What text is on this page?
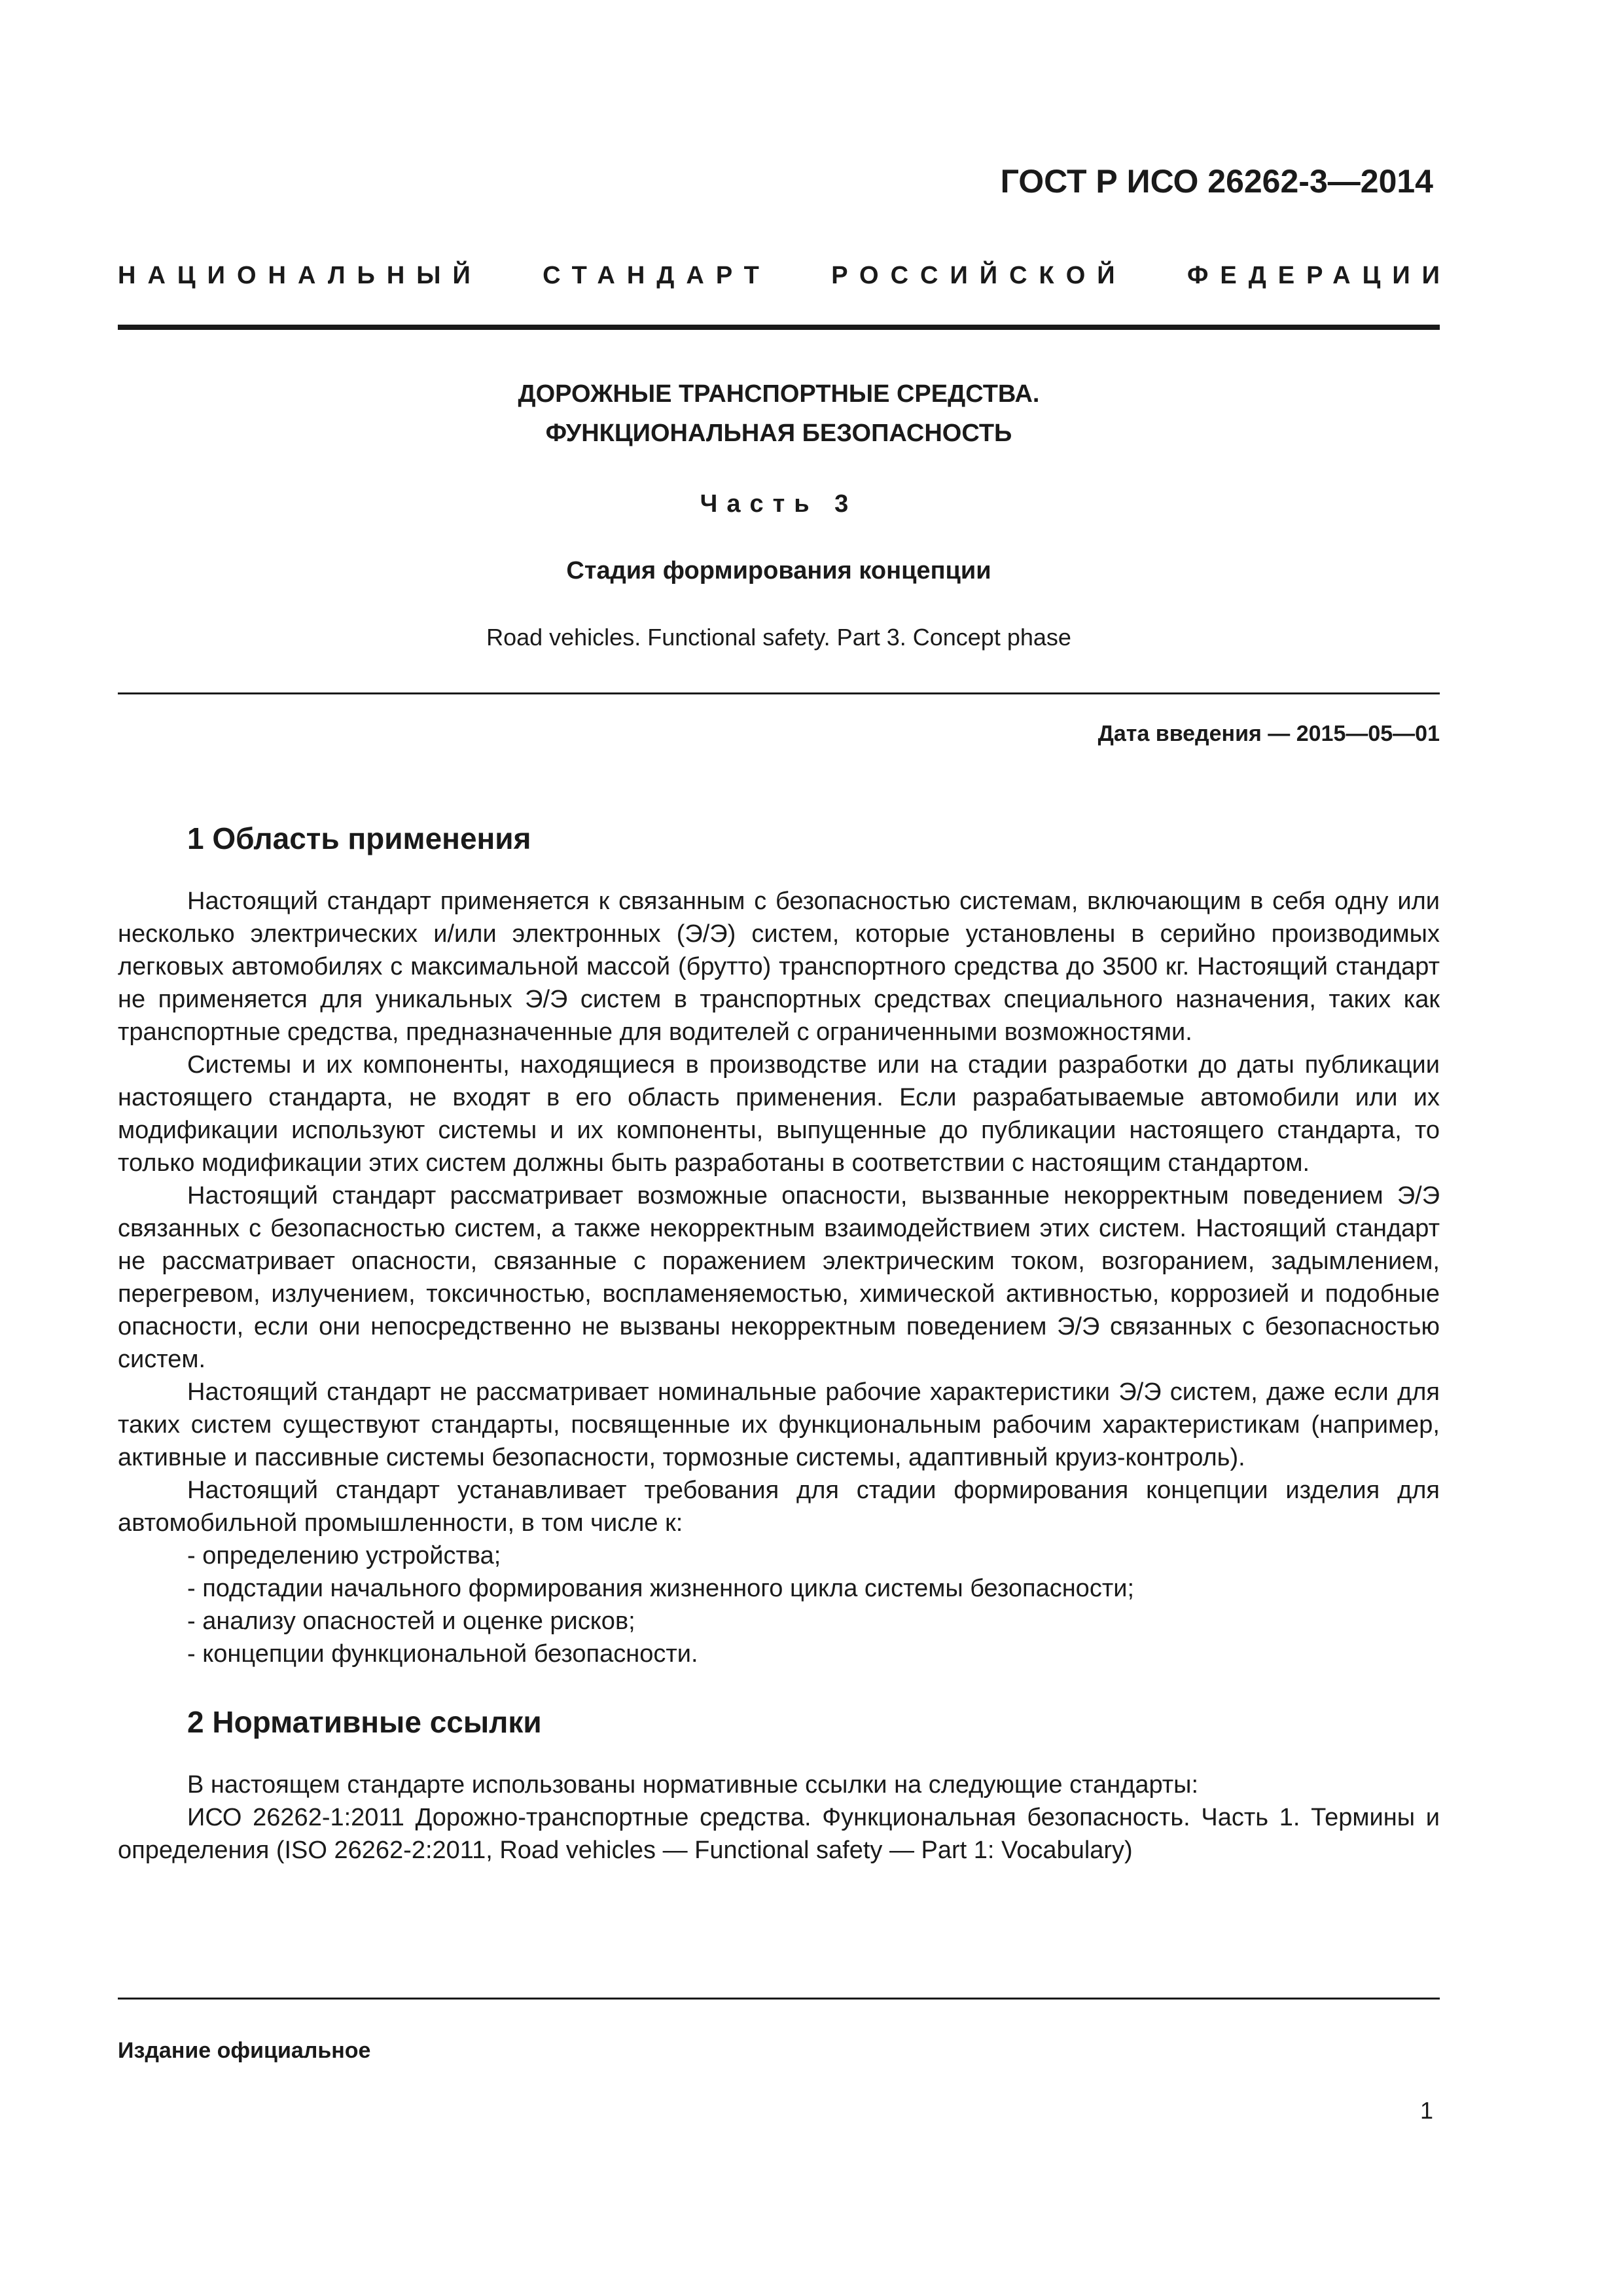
ГОСТ Р ИСО 26262-3—2014
НАЦИОНАЛЬНЫЙ СТАНДАРТ РОССИЙСКОЙ ФЕДЕРАЦИИ
ДОРОЖНЫЕ ТРАНСПОРТНЫЕ СРЕДСТВА.
ФУНКЦИОНАЛЬНАЯ БЕЗОПАСНОСТЬ
Часть 3
Стадия формирования концепции
Road vehicles. Functional safety. Part 3. Concept phase
Дата введения — 2015—05—01
1 Область применения

Настоящий стандарт применяется к связанным с безопасностью системам, включающим в себя одну или несколько электрических и/или электронных (Э/Э) систем, которые установлены в серийно производимых легковых автомобилях с максимальной массой (брутто) транспортного средства до 3500 кг. Настоящий стандарт не применяется для уникальных Э/Э систем в транспортных средствах специального назначения, таких как транспортные средства, предназначенные для водителей с ограниченными возможностями.

Системы и их компоненты, находящиеся в производстве или на стадии разработки до даты публикации настоящего стандарта, не входят в его область применения. Если разрабатываемые автомобили или их модификации используют системы и их компоненты, выпущенные до публикации настоящего стандарта, то только модификации этих систем должны быть разработаны в соответствии с настоящим стандартом.

Настоящий стандарт рассматривает возможные опасности, вызванные некорректным поведением Э/Э связанных с безопасностью систем, а также некорректным взаимодействием этих систем. Настоящий стандарт не рассматривает опасности, связанные с поражением электрическим током, возгоранием, задымлением, перегревом, излучением, токсичностью, воспламеняемостью, химической активностью, коррозией и подобные опасности, если они непосредственно не вызваны некорректным поведением Э/Э связанных с безопасностью систем.

Настоящий стандарт не рассматривает номинальные рабочие характеристики Э/Э систем, даже если для таких систем существуют стандарты, посвященные их функциональным рабочим характеристикам (например, активные и пассивные системы безопасности, тормозные системы, адаптивный круиз-контроль).

Настоящий стандарт устанавливает требования для стадии формирования концепции изделия для автомобильной промышленности, в том числе к:

- определению устройства;

- подстадии начального формирования жизненного цикла системы безопасности;

- анализу опасностей и оценке рисков;

- концепции функциональной безопасности.

2 Нормативные ссылки

В настоящем стандарте использованы нормативные ссылки на следующие стандарты:

ИСО 26262-1:2011 Дорожно-транспортные средства. Функциональная безопасность. Часть 1. Термины и определения (ISO 26262-2:2011, Road vehicles — Functional safety — Part 1: Vocabulary)

Издание официальное
1
